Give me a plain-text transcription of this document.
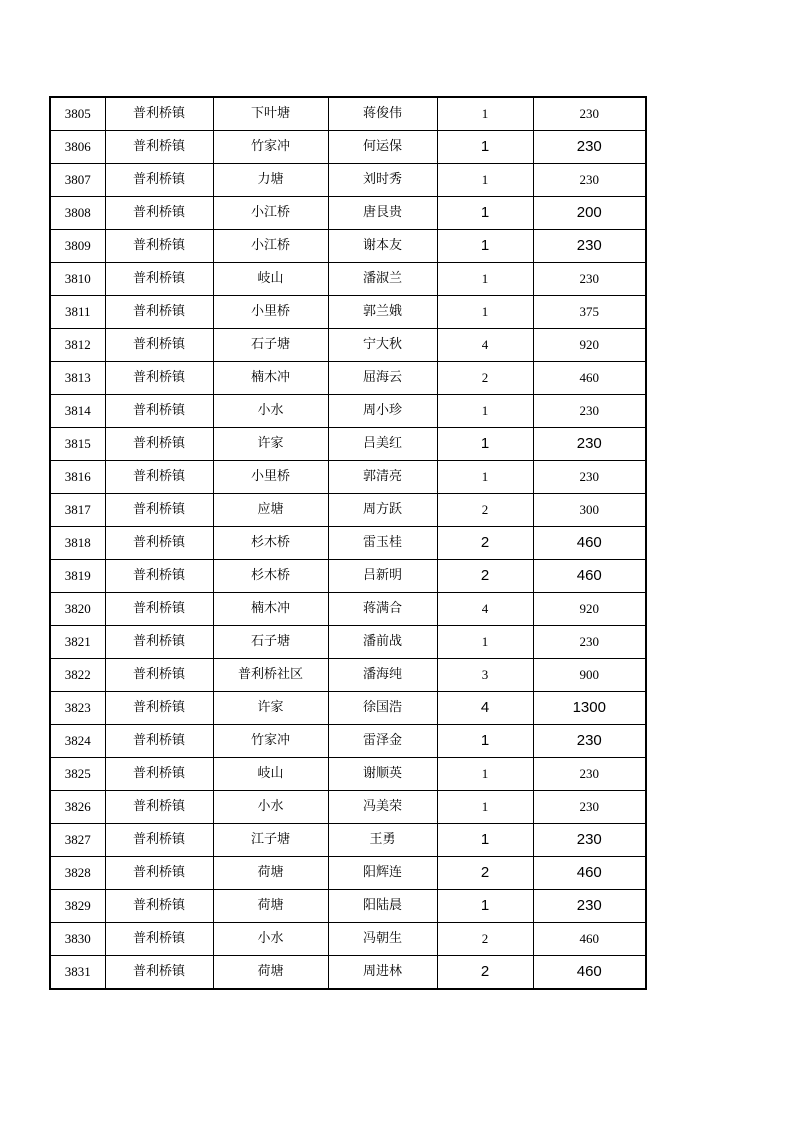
3805	普利桥镇	下叶塘	蒋俊伟	1	230
3806	普利桥镇	竹家冲	何运保	1	230
3807	普利桥镇	力塘	刘时秀	1	230
3808	普利桥镇	小江桥	唐艮贵	1	200
3809	普利桥镇	小江桥	谢本友	1	230
3810	普利桥镇	岐山	潘淑兰	1	230
3811	普利桥镇	小里桥	郭兰娥	1	375
3812	普利桥镇	石子塘	宁大秋	4	920
3813	普利桥镇	楠木冲	屈海云	2	460
3814	普利桥镇	小水	周小珍	1	230
3815	普利桥镇	许家	吕美红	1	230
3816	普利桥镇	小里桥	郭清亮	1	230
3817	普利桥镇	应塘	周方跃	2	300
3818	普利桥镇	杉木桥	雷玉桂	2	460
3819	普利桥镇	杉木桥	吕新明	2	460
3820	普利桥镇	楠木冲	蒋满合	4	920
3821	普利桥镇	石子塘	潘前战	1	230
3822	普利桥镇	普利桥社区	潘海纯	3	900
3823	普利桥镇	许家	徐国浩	4	1300
3824	普利桥镇	竹家冲	雷泽金	1	230
3825	普利桥镇	岐山	谢顺英	1	230
3826	普利桥镇	小水	冯美荣	1	230
3827	普利桥镇	江子塘	王勇	1	230
3828	普利桥镇	荷塘	阳辉连	2	460
3829	普利桥镇	荷塘	阳陆晨	1	230
3830	普利桥镇	小水	冯朝生	2	460
3831	普利桥镇	荷塘	周进林	2	460
